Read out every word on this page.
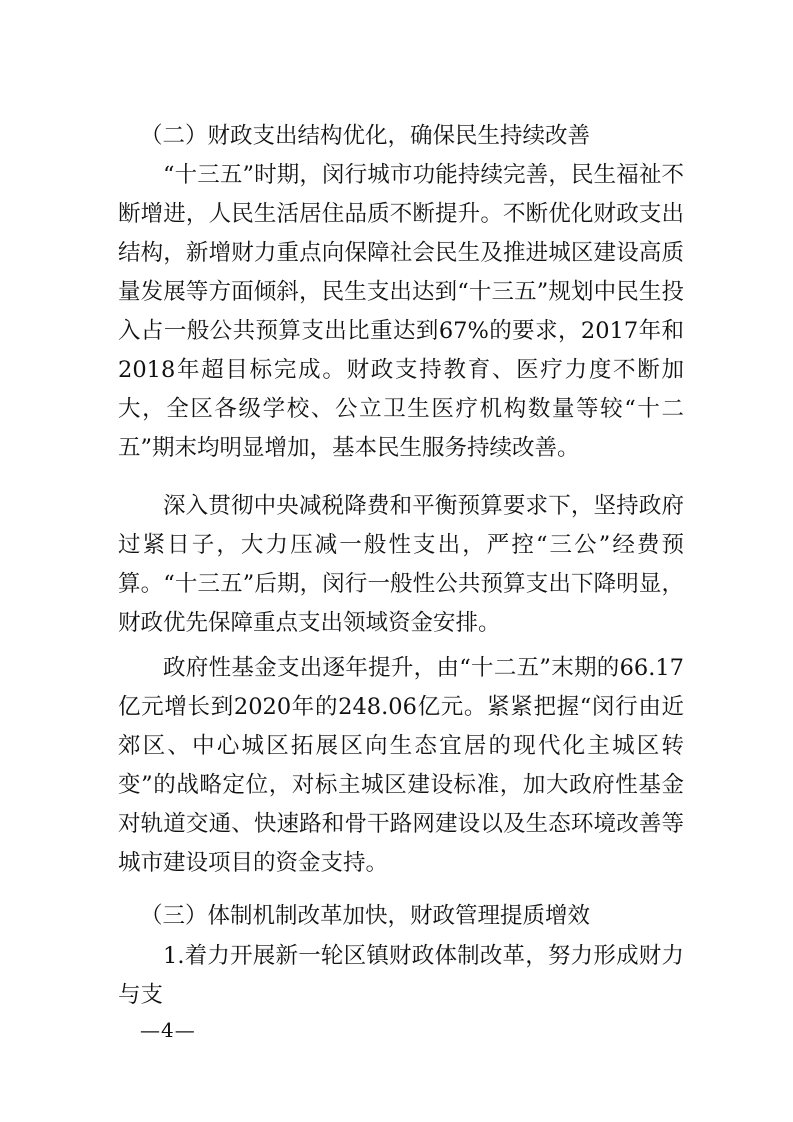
（二）财政支出结构优化，确保民生持续改善

“十三五”时期，闵行城市功能持续完善，民生福祉不断增进，人民生活居住品质不断提升。不断优化财政支出结构，新增财力重点向保障社会民生及推进城区建设高质量发展等方面倾斜，民生支出达到“十三五”规划中民生投入占一般公共预算支出比重达到67%的要求，2017年和2018年超目标完成。财政支持教育、医疗力度不断加大，全区各级学校、公立卫生医疗机构数量等较“十二五”期末均明显增加，基本民生服务持续改善。

深入贯彻中央减税降费和平衡预算要求下，坚持政府过紧日子，大力压减一般性支出，严控“三公”经费预算。“十三五”后期，闵行一般性公共预算支出下降明显，财政优先保障重点支出领域资金安排。

政府性基金支出逐年提升，由“十二五”末期的66.17亿元增长到2020年的248.06亿元。紧紧把握“闵行由近郊区、中心城区拓展区向生态宜居的现代化主城区转变”的战略定位，对标主城区建设标准，加大政府性基金对轨道交通、快速路和骨干路网建设以及生态环境改善等城市建设项目的资金支持。

（三）体制机制改革加快，财政管理提质增效

1.着力开展新一轮区镇财政体制改革，努力形成财力与支

—4—
